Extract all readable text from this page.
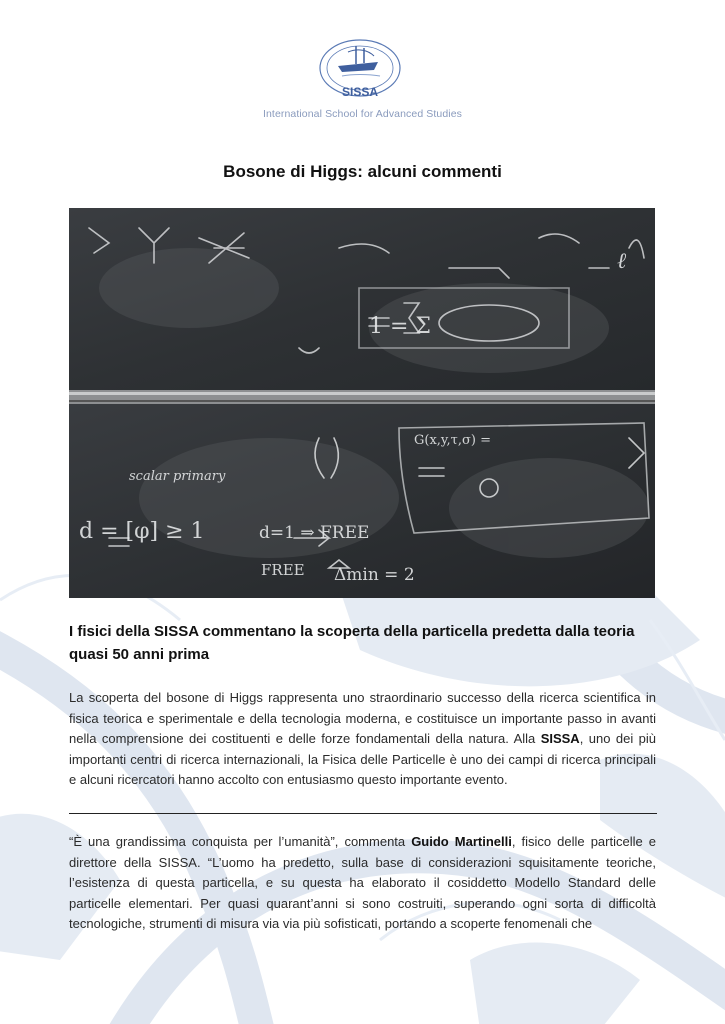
SISSA
International School for Advanced Studies
Bosone di Higgs: alcuni commenti
ℓ
d = [φ] ≥ 1	d=1 ⇒ FREE
FREE Δmin = 2
scalar primary
1 = Σ
G(x,y,τ,σ) =
I fisici della SISSA commentano la scoperta della particella predetta dalla teoria quasi 50 anni prima
La scoperta del bosone di Higgs rappresenta uno straordinario successo della ricerca scientifica in fisica teorica e sperimentale e della tecnologia moderna, e costituisce un importante passo in avanti nella comprensione dei costituenti e delle forze fondamentali della natura. Alla SISSA, uno dei più importanti centri di ricerca internazionali, la Fisica delle Particelle è uno dei campi di ricerca principali e alcuni ricercatori hanno accolto con entusiasmo questo importante evento.
“È una grandissima conquista per l’umanità”, commenta Guido Martinelli, fisico delle particelle e direttore della SISSA. “L’uomo ha predetto, sulla base di considerazioni squisitamente teoriche, l’esistenza di questa particella, e su questa ha elaborato il cosiddetto Modello Standard delle particelle elementari. Per quasi quarant’anni si sono costruiti, superando ogni sorta di difficoltà tecnologiche, strumenti di misura via via più sofisticati, portando a scoperte fenomenali che
